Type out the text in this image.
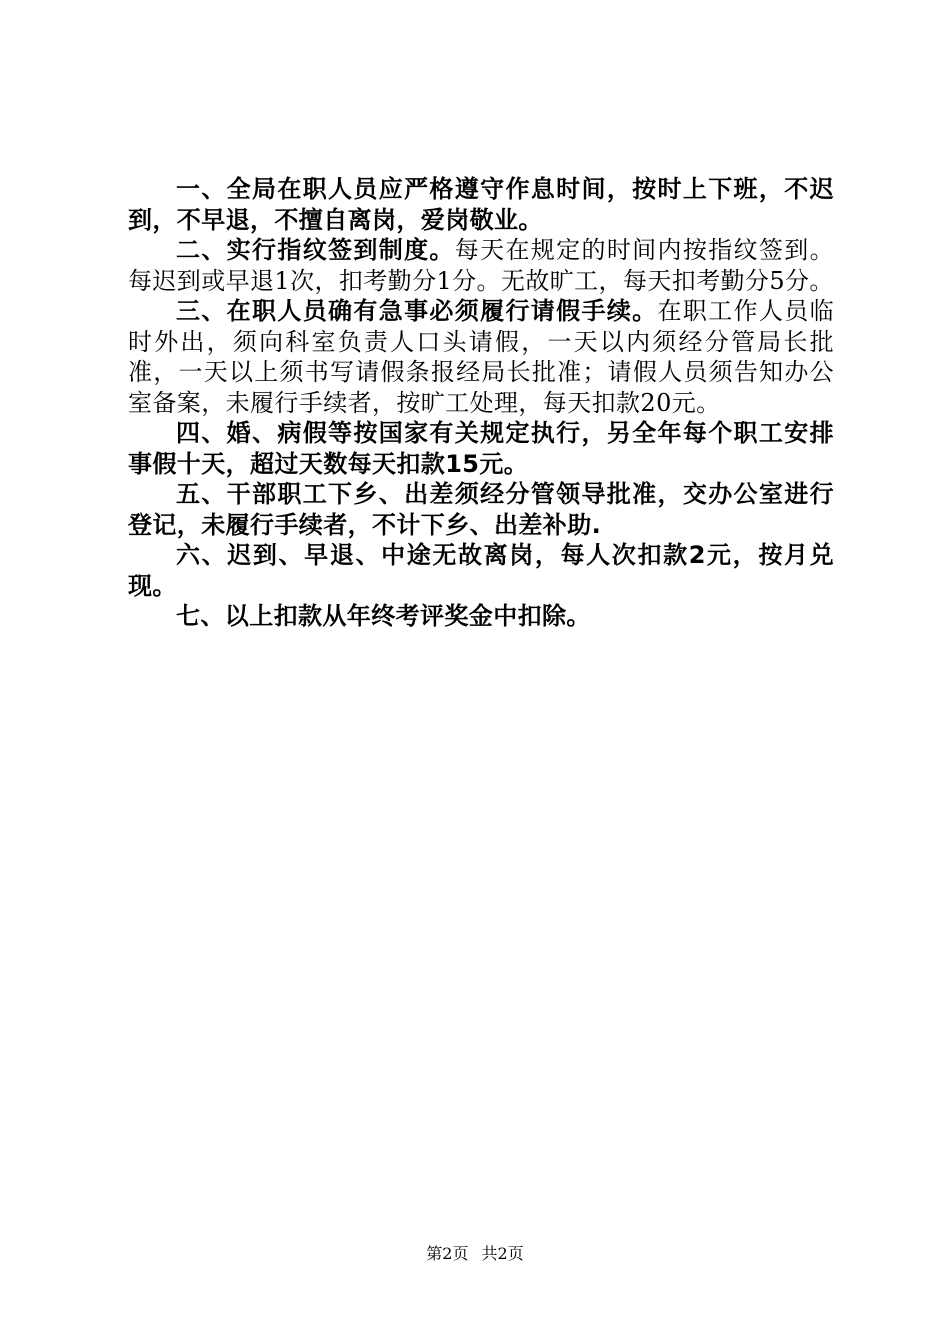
一、全局在职人员应严格遵守作息时间，按时上下班，不迟到，不早退，不擅自离岗，爱岗敬业。

二、实行指纹签到制度。每天在规定的时间内按指纹签到。每迟到或早退1次，扣考勤分1分。无故旷工，每天扣考勤分5分。

三、在职人员确有急事必须履行请假手续。在职工作人员临时外出，须向科室负责人口头请假，一天以内须经分管局长批准，一天以上须书写请假条报经局长批准；请假人员须告知办公室备案，未履行手续者，按旷工处理，每天扣款20元。

四、婚、病假等按国家有关规定执行，另全年每个职工安排事假十天，超过天数每天扣款15元。

五、干部职工下乡、出差须经分管领导批准，交办公室进行登记，未履行手续者，不计下乡、出差补助.

六、迟到、早退、中途无故离岗，每人次扣款2元，按月兑现。

七、以上扣款从年终考评奖金中扣除。

第2页 共2页
